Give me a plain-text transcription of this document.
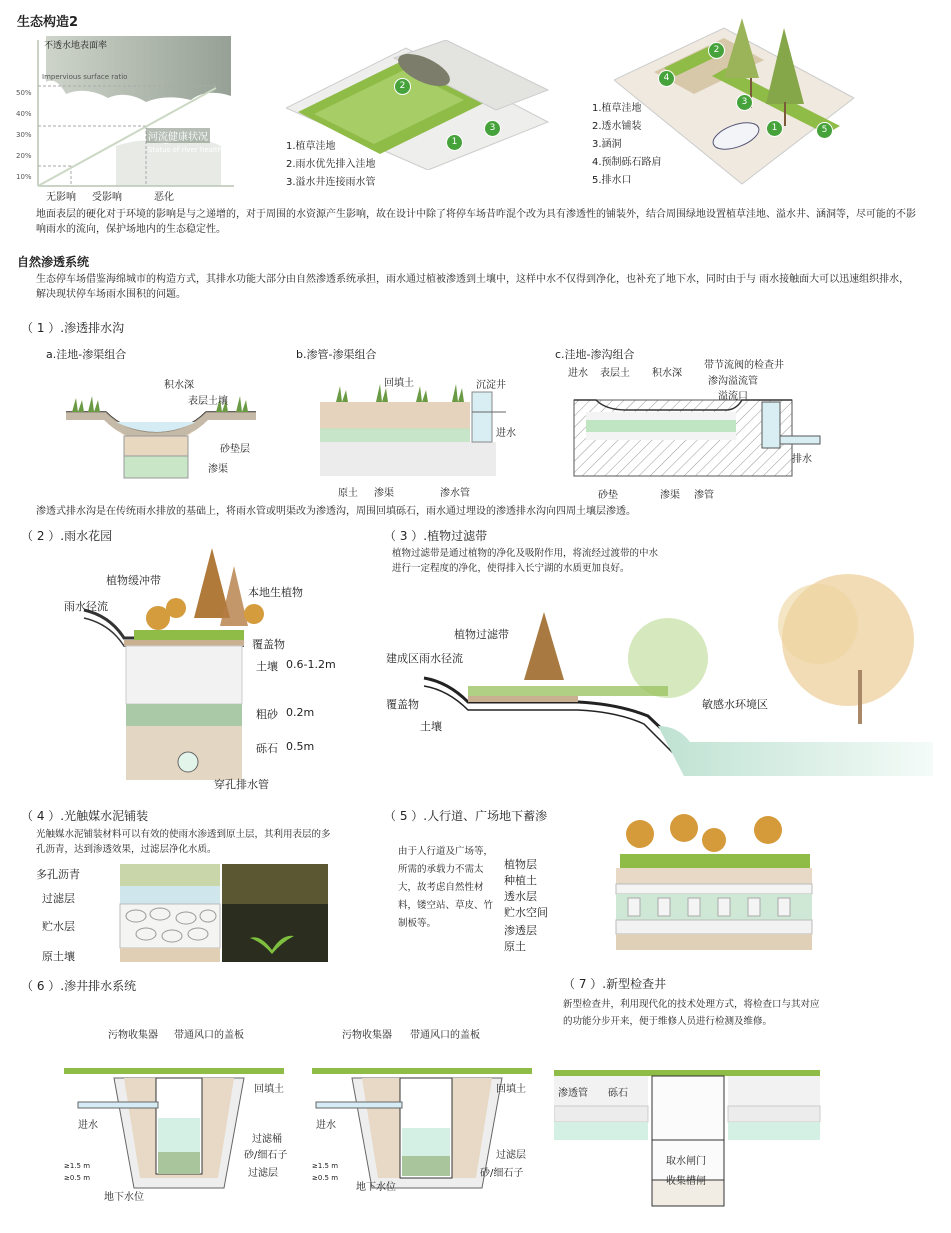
生态构造2
不透水地表面率
Impervious surface ratio
50%
40%
30%
20%
10%
河流健康状况
Status of river health
无影响 受影响	恶化
2
1
3
1.植草洼地
2.雨水优先排入洼地
3.溢水井连接雨水管
2
4
3
1	5
1.植草洼地
2.透水铺装
3.涵洞
4.预制砾石路肩
5.排水口
地面表层的硬化对于环境的影响是与之递增的，对于周围的水资源产生影响，故在设计中除了将停车场昔咋混个改为具有渗透性的铺装外，结合周围绿地设置植草洼地、溢水井、涵洞等，尽可能的不影响雨水的流向，保护场地内的生态稳定性。
自然渗透系统
生态停车场借鉴海绵城市的构造方式，其排水功能大部分由自然渗透系统承担，雨水通过植被渗透到土壤中，这样中水不仅得到净化，也补充了地下水，同时由于与 雨水接触面大可以迅速组织排水，解决现状停车场雨水围积的问题。
（ 1 ）.渗透排水沟
a.洼地-渗渠组合
积水深
表层土壤
砂垫层
渗渠
b.渗管-渗渠组合
回填土	沉淀井
进水
原土 渗渠	渗水管
c.洼地-渗沟组合
进水 表层土 积水深
带节流阀的检查井
渗沟溢流管
溢流口
排水
砂垫	渗渠 渗管
渗透式排水沟是在传统雨水排放的基础上，将雨水管或明渠改为渗透沟，周围回填砾石，雨水通过埋设的渗透排水沟向四周土壤层渗透。
（ 2 ）.雨水花园
植物缓冲带
本地生植物
雨水径流
覆盖物
土壤 0.6-1.2m
粗砂 0.2m
砾石 0.5m
穿孔排水管
（ 3 ）.植物过滤带
植物过滤带是通过植物的净化及吸附作用，将流经过渡带的中水进行一定程度的净化，使得排入长宁湖的水质更加良好。
植物过滤带
建成区雨水径流
覆盖物
土壤
敏感水环境区
（ 4 ）.光触媒水泥铺装
光触媒水泥铺装材料可以有效的使雨水渗透到原土层，其利用表层的多孔沥青，达到渗透效果，过滤层净化水质。
多孔沥青
过滤层
贮水层
原土壤
（ 5 ）.人行道、广场地下蓄渗
由于人行道及广场等，所需的承载力不需太大，故考虑自然性材料，镂空站、草皮、竹制板等。
植物层
种植土
透水层
贮水空间
渗透层
原土
（ 6 ）.渗井排水系统
污物收集器 带通风口的盖板
回填土
进水
过滤桶
砂/细石子
过滤层
地下水位
≥1.5 m
≥0.5 m
污物收集器 带通风口的盖板
回填土
进水
过滤层
砂/细石子
地下水位
≥1.5 m
≥0.5 m
（ 7 ）.新型检查井
新型检查井，利用现代化的技术处理方式，将检查口与其对应的功能分步开来，便于维修人员进行检测及维修。
渗透管 砾石
取水闸门
收集槽闸
